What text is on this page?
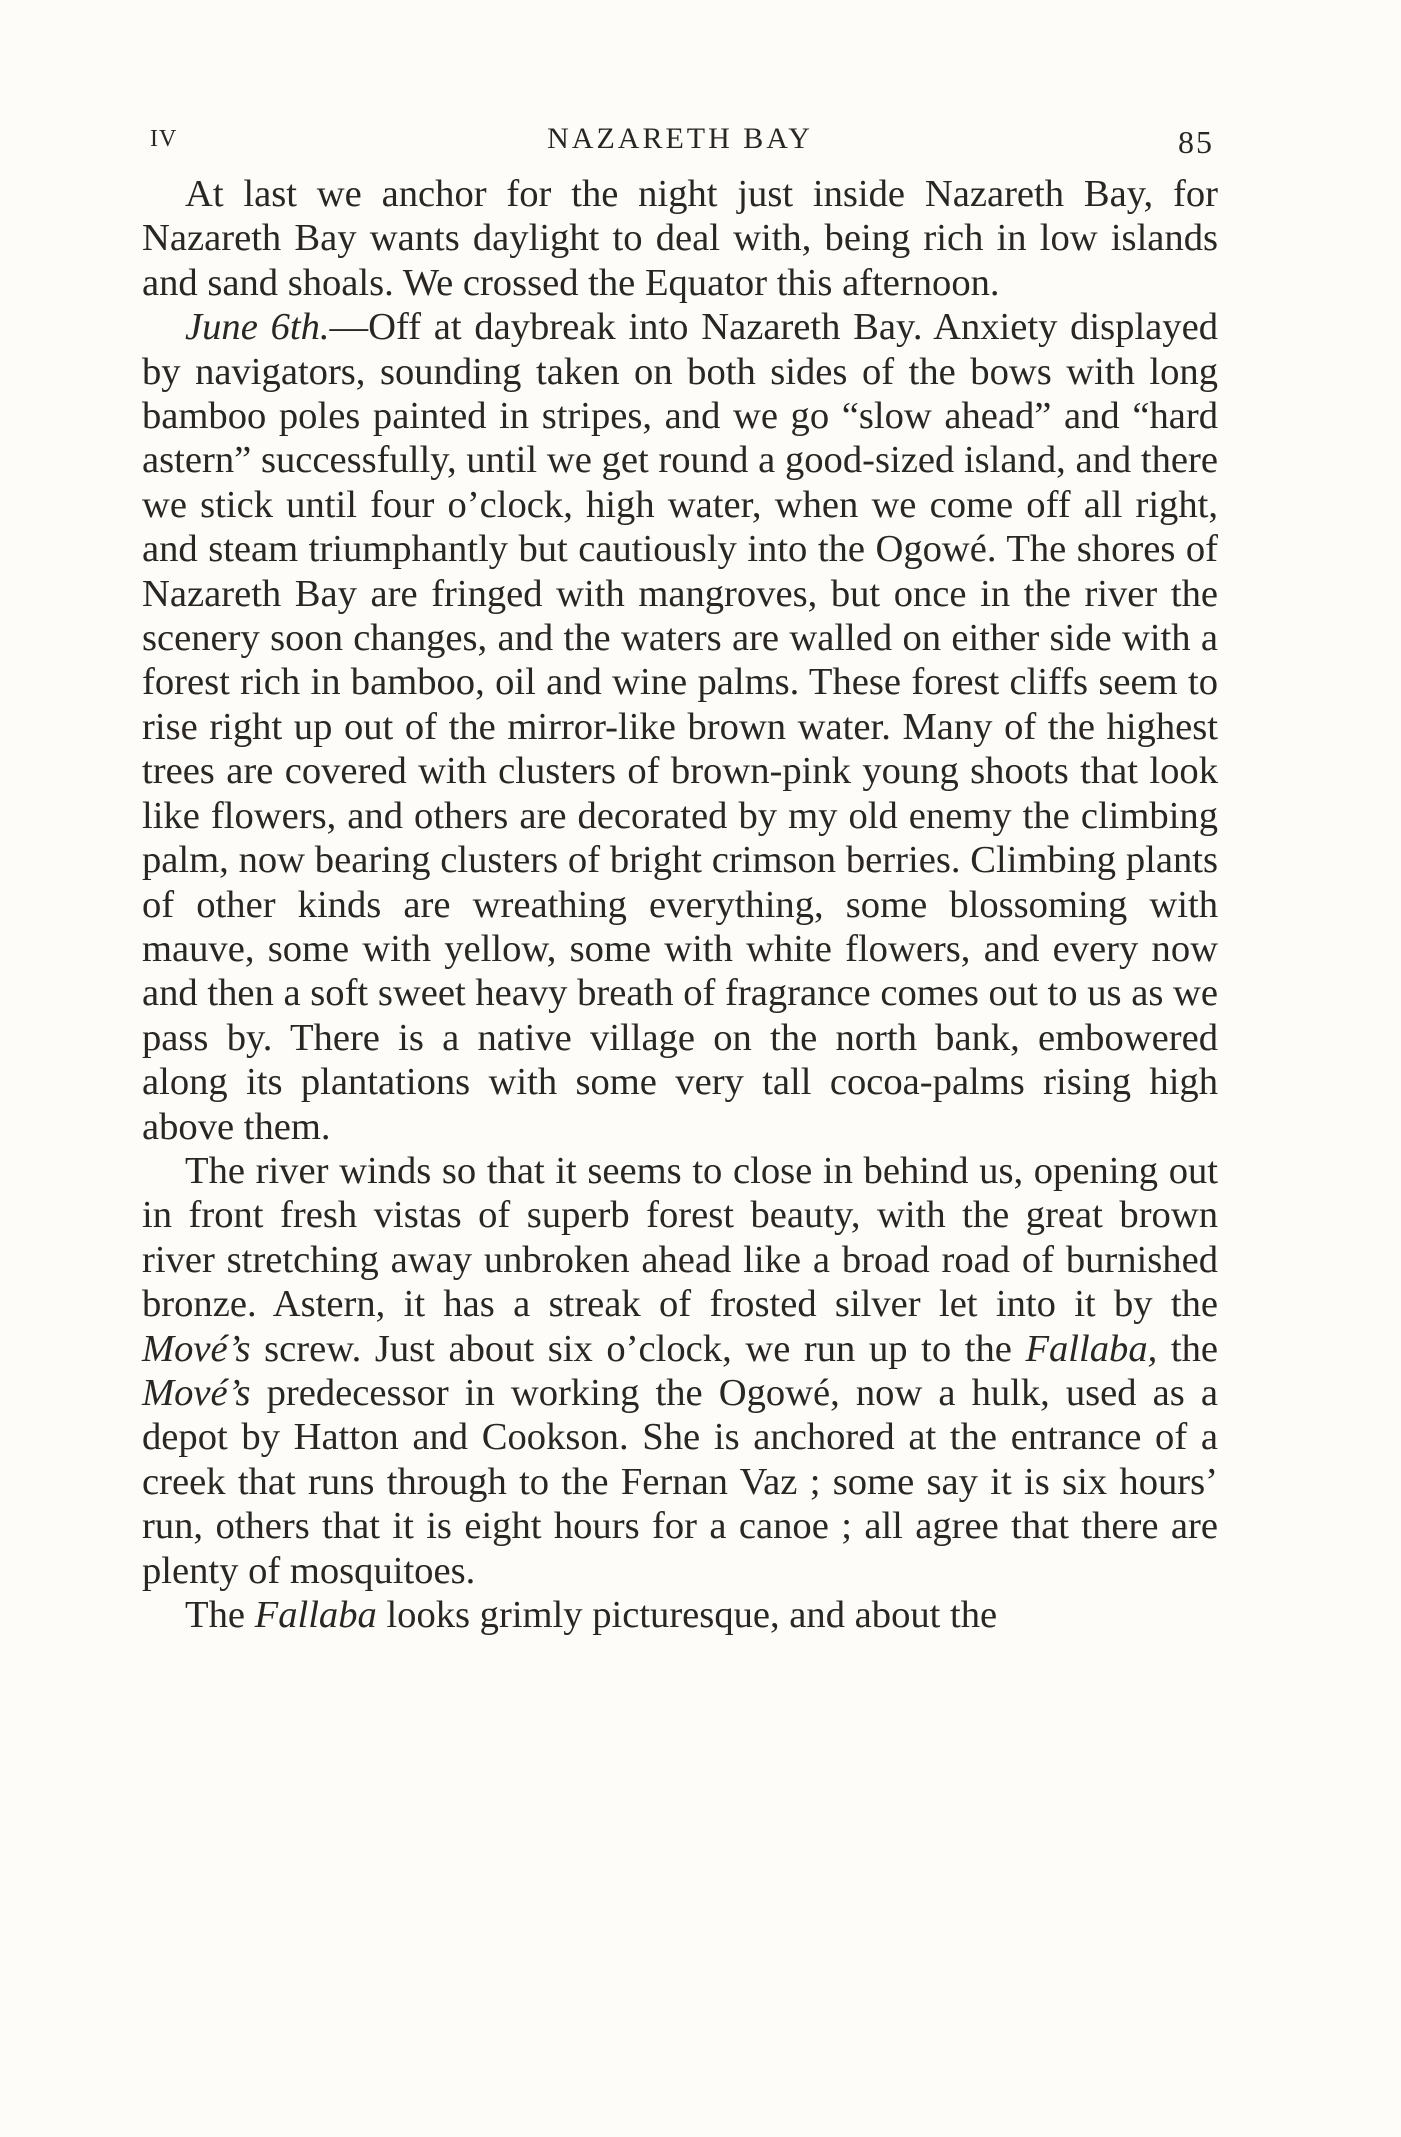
IV	NAZARETH BAY	85

At last we anchor for the night just inside Nazareth Bay, for Nazareth Bay wants daylight to deal with, being rich in low islands and sand shoals. We crossed the Equator this afternoon.

June 6th.—Off at daybreak into Nazareth Bay. Anxiety displayed by navigators, sounding taken on both sides of the bows with long bamboo poles painted in stripes, and we go “slow ahead” and “hard astern” successfully, until we get round a good-sized island, and there we stick until four o’clock, high water, when we come off all right, and steam triumphantly but cautiously into the Ogowé. The shores of Nazareth Bay are fringed with mangroves, but once in the river the scenery soon changes, and the waters are walled on either side with a forest rich in bamboo, oil and wine palms. These forest cliffs seem to rise right up out of the mirror-like brown water. Many of the highest trees are covered with clusters of brown-pink young shoots that look like flowers, and others are decorated by my old enemy the climbing palm, now bearing clusters of bright crimson berries. Climbing plants of other kinds are wreathing everything, some blossoming with mauve, some with yellow, some with white flowers, and every now and then a soft sweet heavy breath of fragrance comes out to us as we pass by. There is a native village on the north bank, embowered along its plantations with some very tall cocoa-palms rising high above them.

The river winds so that it seems to close in behind us, opening out in front fresh vistas of superb forest beauty, with the great brown river stretching away unbroken ahead like a broad road of burnished bronze. Astern, it has a streak of frosted silver let into it by the Mové’s screw. Just about six o’clock, we run up to the Fallaba, the Mové’s predecessor in working the Ogowé, now a hulk, used as a depot by Hatton and Cookson. She is anchored at the entrance of a creek that runs through to the Fernan Vaz ; some say it is six hours’ run, others that it is eight hours for a canoe ; all agree that there are plenty of mosquitoes.

The Fallaba looks grimly picturesque, and about the
